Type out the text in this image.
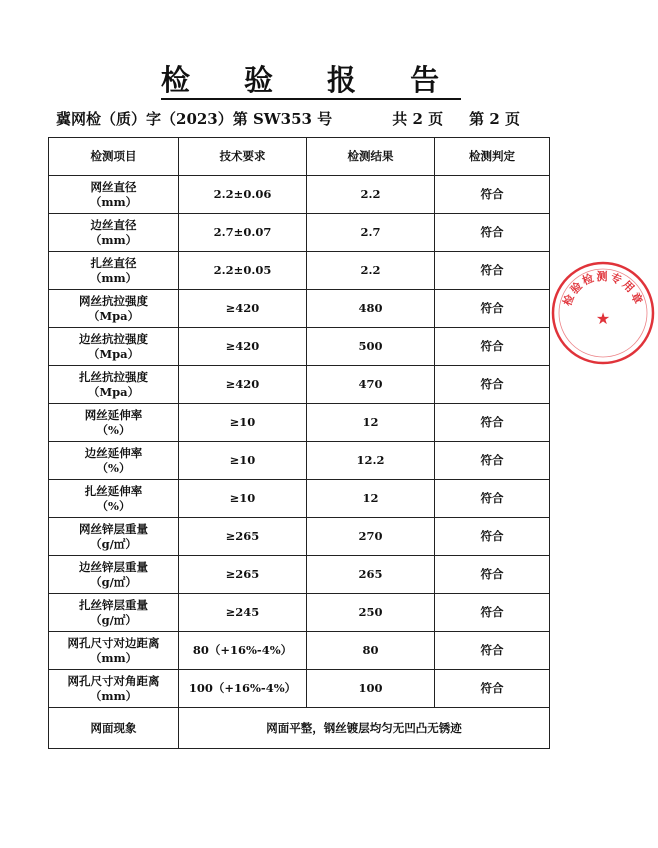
检 验 报 告
冀网检（质）字（2023）第 SW353 号	共 2 页 第 2 页
检测项目	技术要求	检测结果	检测判定

网丝直径
（mm）	2.2±0.06	2.2	符合

边丝直径
（mm）	2.7±0.07	2.7	符合

扎丝直径
（mm）	2.2±0.05	2.2	符合

网丝抗拉强度
（Mpa）	≥420	480	符合

边丝抗拉强度
（Mpa）	≥420	500	符合

扎丝抗拉强度
（Mpa）	≥420	470	符合

网丝延伸率
（%）	≥10	12	符合

边丝延伸率
（%）	≥10	12.2	符合

扎丝延伸率
（%）	≥10	12	符合

网丝锌层重量
（g/㎡）	≥265	270	符合

边丝锌层重量
（g/㎡）	≥265	265	符合

扎丝锌层重量
（g/㎡）	≥245	250	符合

网孔尺寸对边距离
（mm）	80（+16%-4%）	80	符合

网孔尺寸对角距离
（mm）	100（+16%-4%）	100	符合
网面现象	网面平整，钢丝镀层均匀无凹凸无锈迹		
检验检测专用章
★
